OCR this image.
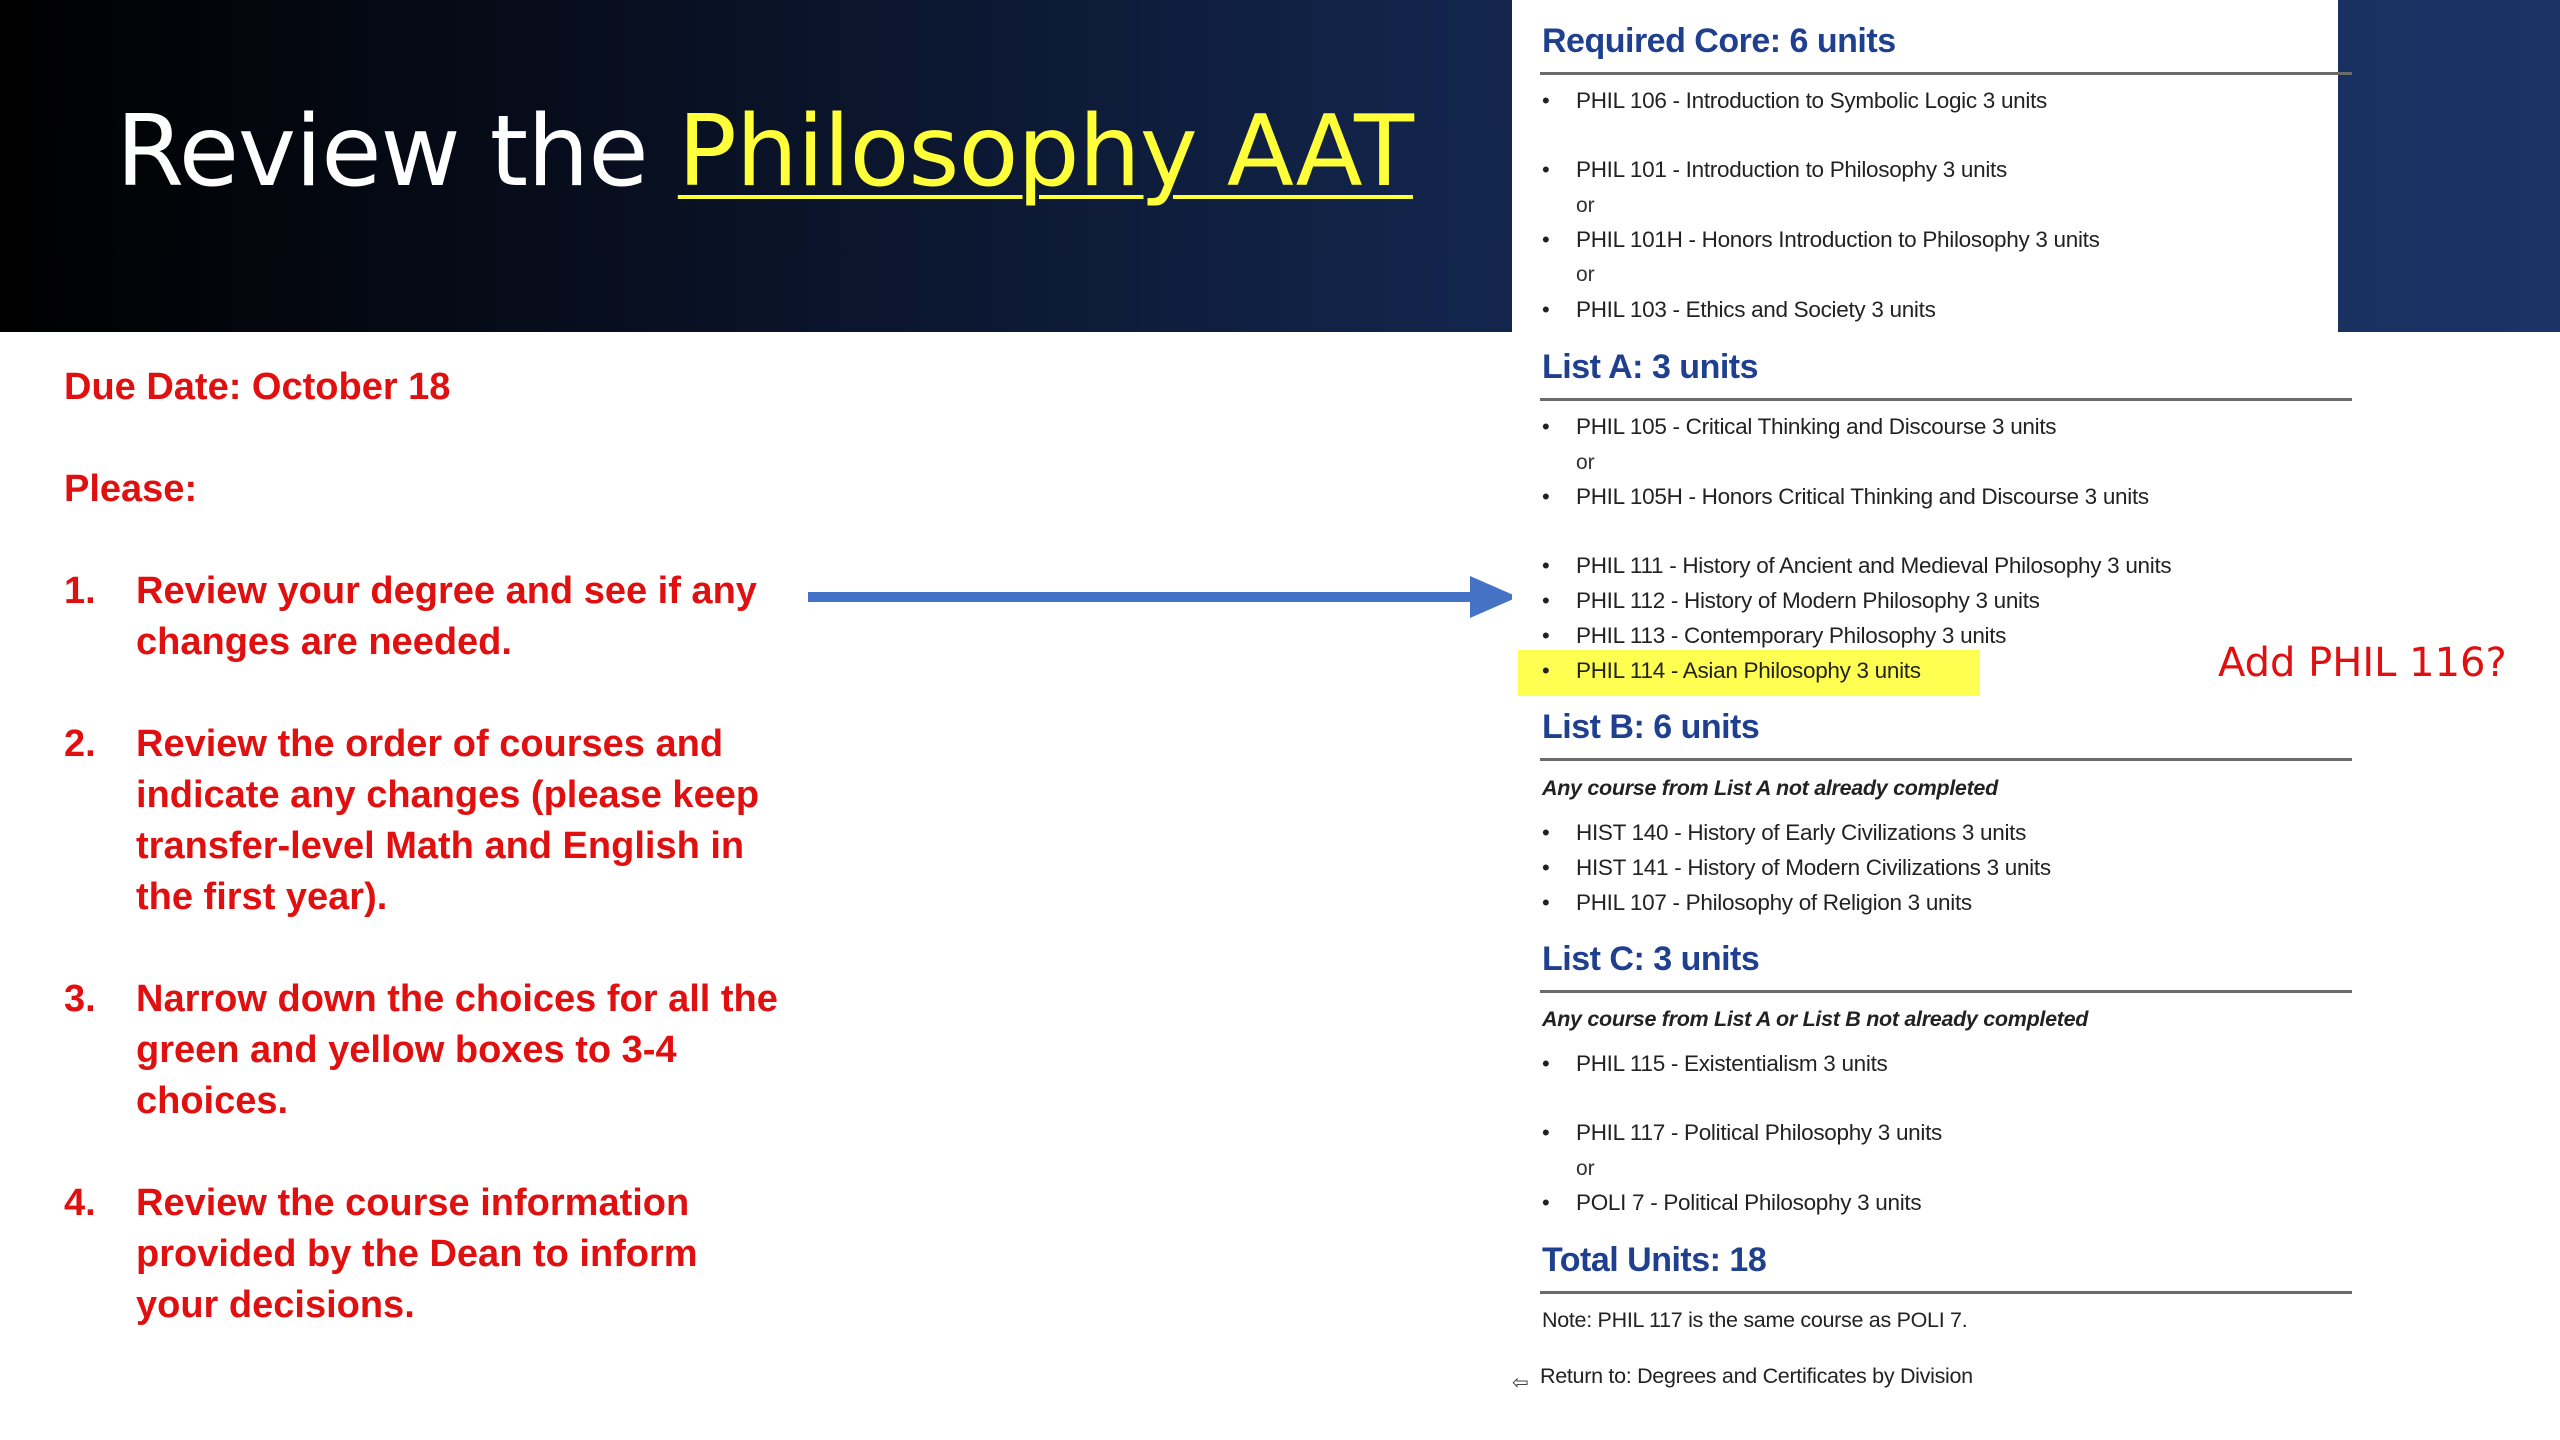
Review the Philosophy AAT

Due Date: October 18

Please:

1. Review your degree and see if any changes are needed.
2. Review the order of courses and indicate any changes (please keep transfer-level Math and English in the first year).
3. Narrow down the choices for all the green and yellow boxes to 3-4 choices.
4. Review the course information provided by the Dean to inform your decisions.
Required Core: 6 units
• PHIL 106 - Introduction to Symbolic Logic 3 units
• PHIL 101 - Introduction to Philosophy 3 units
or
• PHIL 101H - Honors Introduction to Philosophy 3 units
or
• PHIL 103 - Ethics and Society 3 units
List A: 3 units
• PHIL 105 - Critical Thinking and Discourse 3 units
or
• PHIL 105H - Honors Critical Thinking and Discourse 3 units
• PHIL 111 - History of Ancient and Medieval Philosophy 3 units
• PHIL 112 - History of Modern Philosophy 3 units
• PHIL 113 - Contemporary Philosophy 3 units
• PHIL 114 - Asian Philosophy 3 units
List B: 6 units
Any course from List A not already completed
• HIST 140 - History of Early Civilizations 3 units
• HIST 141 - History of Modern Civilizations 3 units
• PHIL 107 - Philosophy of Religion 3 units
List C: 3 units
Any course from List A or List B not already completed
• PHIL 115 - Existentialism 3 units
• PHIL 117 - Political Philosophy 3 units
or
• POLI 7 - Political Philosophy 3 units
Total Units: 18
Note: PHIL 117 is the same course as POLI 7.
⇦ Return to: Degrees and Certificates by Division
Add PHIL 116?
